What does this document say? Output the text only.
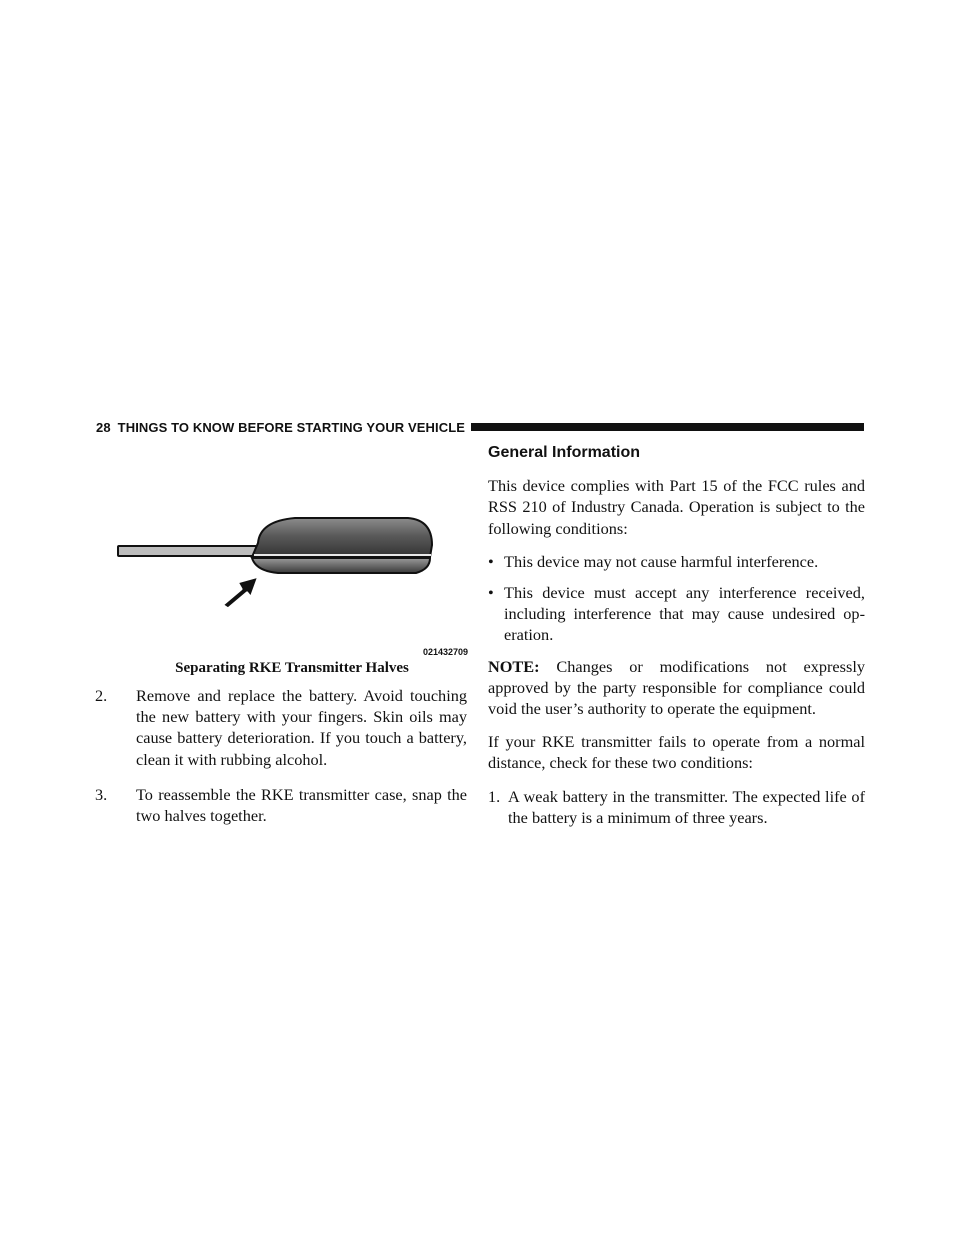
28 THINGS TO KNOW BEFORE STARTING YOUR VEHICLE
021432709
Separating RKE Transmitter Halves
2. Remove and replace the battery. Avoid touching the new battery with your fingers. Skin oils may cause battery deterioration. If you touch a battery, clean it with rubbing alcohol.
3. To reassemble the RKE transmitter case, snap the two halves together.
General Information

This device complies with Part 15 of the FCC rules and RSS 210 of Industry Canada. Operation is subject to the following conditions:

• This device may not cause harmful interference.
• This device must accept any interference received, including interference that may cause undesired op-eration.

NOTE: Changes or modifications not expressly approved by the party responsible for compliance could void the user’s authority to operate the equipment.

If your RKE transmitter fails to operate from a normal distance, check for these two conditions:

1. A weak battery in the transmitter. The expected life of the battery is a minimum of three years.
